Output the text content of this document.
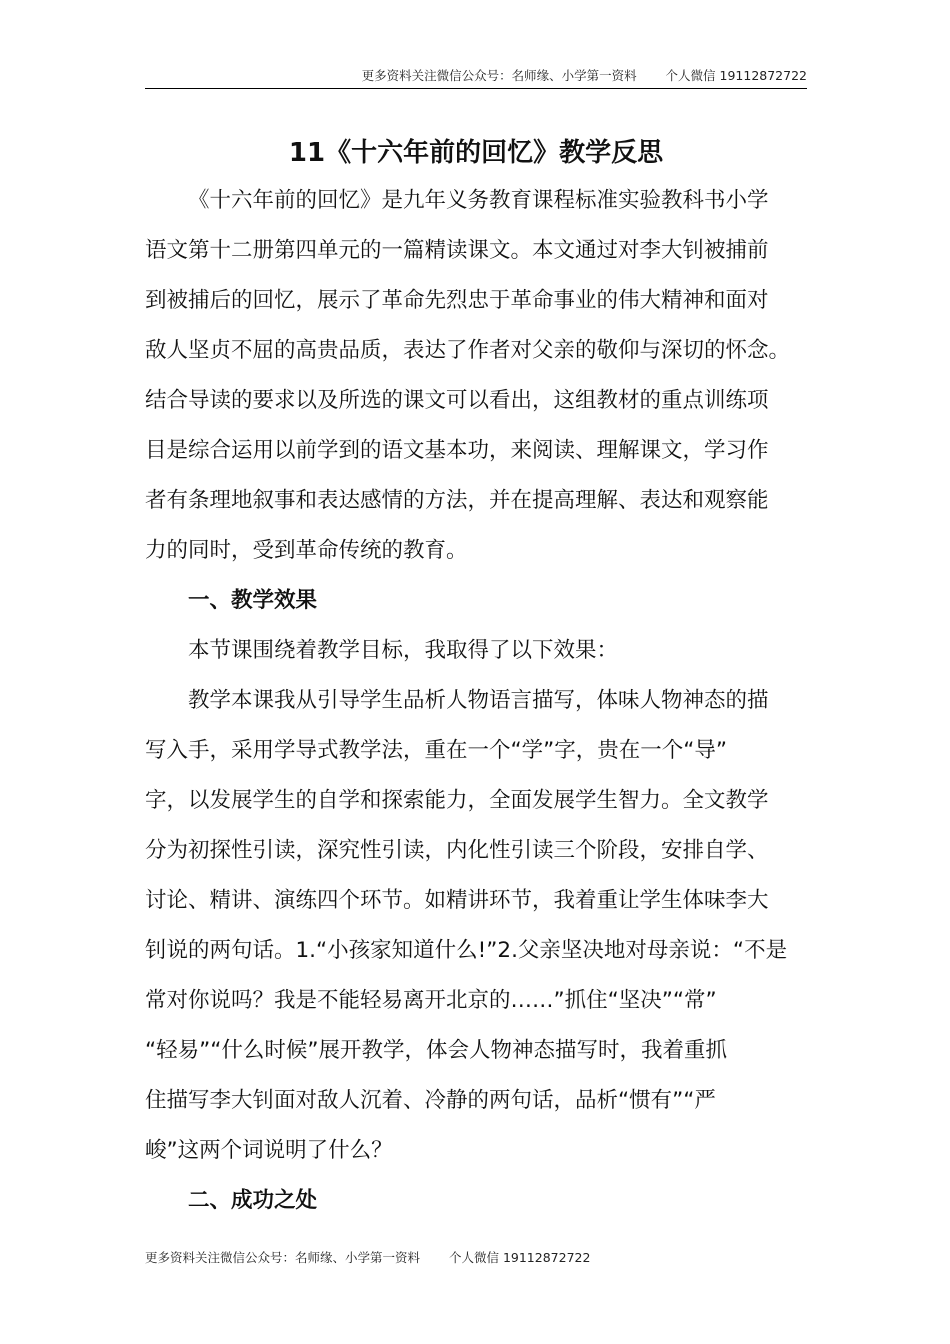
更多资料关注微信公众号：名师缘、小学第一资料 　　个人微信 19112872722
11《十六年前的回忆》教学反思
《十六年前的回忆》是九年义务教育课程标准实验教科书小学
语文第十二册第四单元的一篇精读课文。本文通过对李大钊被捕前
到被捕后的回忆，展示了革命先烈忠于革命事业的伟大精神和面对
敌人坚贞不屈的高贵品质，表达了作者对父亲的敬仰与深切的怀念。
结合导读的要求以及所选的课文可以看出，这组教材的重点训练项
目是综合运用以前学到的语文基本功，来阅读、理解课文，学习作
者有条理地叙事和表达感情的方法，并在提高理解、表达和观察能
力的同时，受到革命传统的教育。
一、教学效果
本节课围绕着教学目标，我取得了以下效果：
教学本课我从引导学生品析人物语言描写，体味人物神态的描
写入手，采用学导式教学法，重在一个“学”字，贵在一个“导”
字，以发展学生的自学和探索能力，全面发展学生智力。全文教学
分为初探性引读，深究性引读，内化性引读三个阶段，安排自学、
讨论、精讲、演练四个环节。如精讲环节，我着重让学生体味李大
钊说的两句话。1.“小孩家知道什么!”2.父亲坚决地对母亲说：“不是
常对你说吗？我是不能轻易离开北京的……”抓住“坚决”“常”
“轻易”“什么时候”展开教学，体会人物神态描写时，我着重抓
住描写李大钊面对敌人沉着、冷静的两句话，品析“惯有”“严
峻”这两个词说明了什么？
二、成功之处
更多资料关注微信公众号：名师缘、小学第一资料 　　个人微信 19112872722
